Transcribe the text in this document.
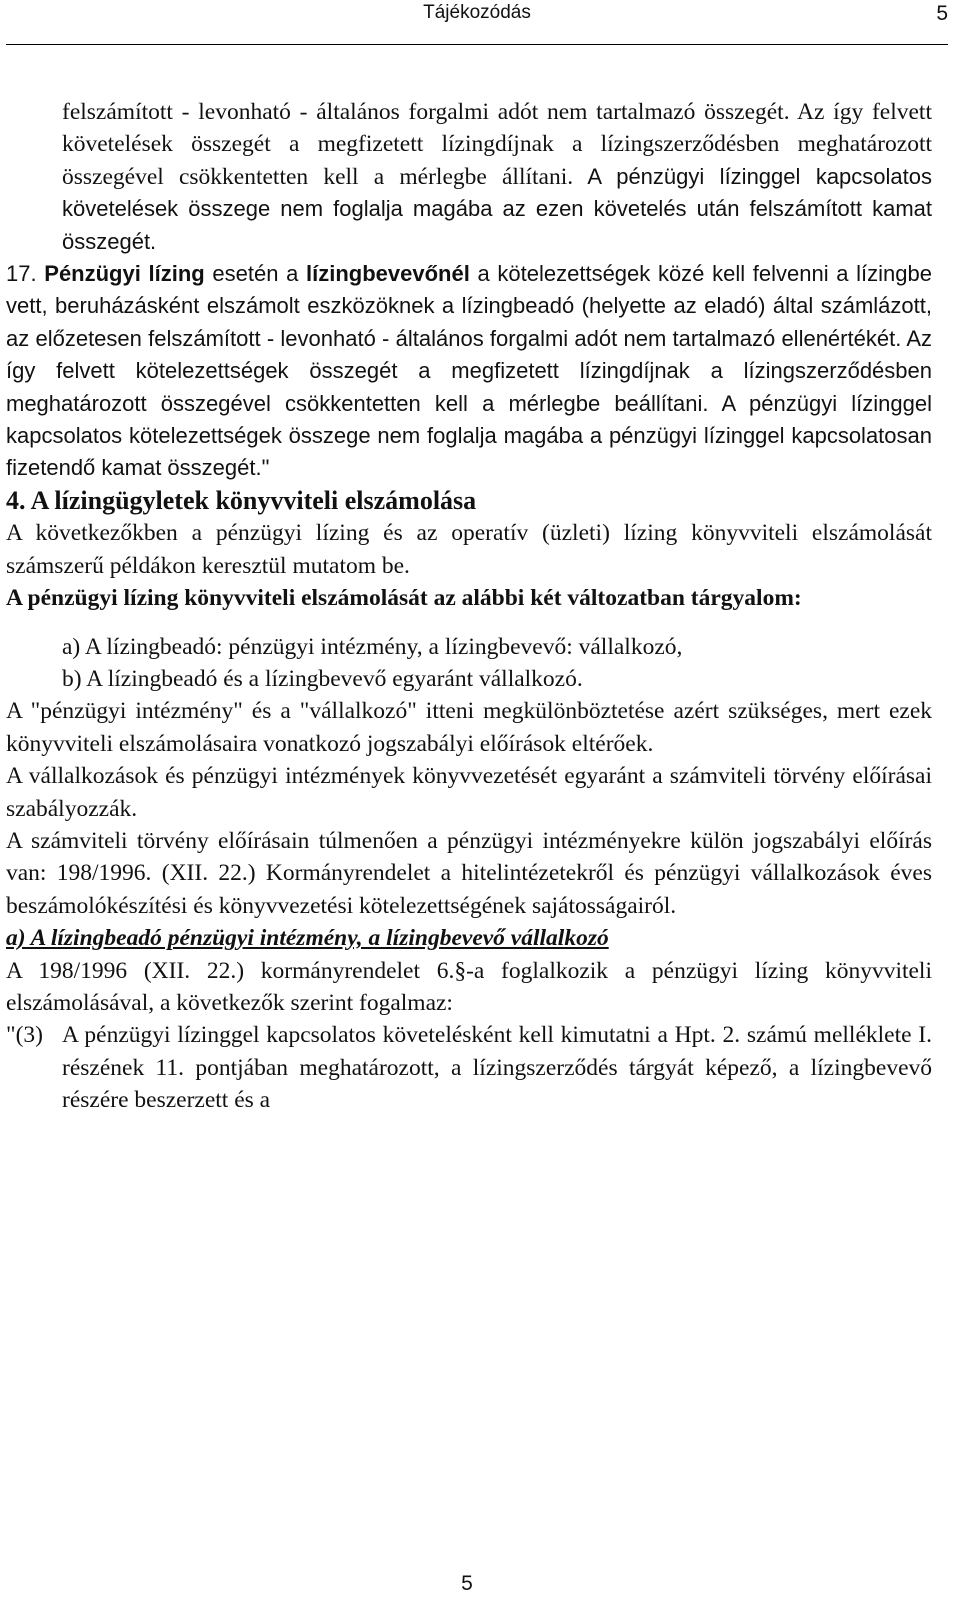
Tájékozódás	5

felszámított - levonható - általános forgalmi adót nem tartalmazó összegét. Az így felvett követelések összegét a megfizetett lízingdíjnak a lízingszerződésben meghatározott összegével csökkentetten kell a mérlegbe állítani. A pénzügyi lízinggel kapcsolatos követelések összege nem foglalja magába az ezen követelés után felszámított kamat összegét.

17. Pénzügyi lízing esetén a lízingbevevőnél a kötelezettségek közé kell felvenni a lízingbe vett, beruházásként elszámolt eszközöknek a lízingbeadó (helyette az eladó) által számlázott, az előzetesen felszámított - levonható - általános forgalmi adót nem tartalmazó ellenértékét. Az így felvett kötelezettségek összegét a megfizetett lízingdíjnak a lízingszerződésben meghatározott összegével csökkentetten kell a mérlegbe beállítani. A pénzügyi lízinggel kapcsolatos kötelezettségek összege nem foglalja magába a pénzügyi lízinggel kapcsolatosan fizetendő kamat összegét."

4. A lízingügyletek könyvviteli elszámolása

A következőkben a pénzügyi lízing és az operatív (üzleti) lízing könyvviteli elszámolását számszerű példákon keresztül mutatom be.

A pénzügyi lízing könyvviteli elszámolását az alábbi két változatban tárgyalom:

a) A lízingbeadó: pénzügyi intézmény, a lízingbevevő: vállalkozó,

b) A lízingbeadó és a lízingbevevő egyaránt vállalkozó.

A "pénzügyi intézmény" és a "vállalkozó" itteni megkülönböztetése azért szükséges, mert ezek könyvviteli elszámolásaira vonatkozó jogszabályi előírások eltérőek.

A vállalkozások és pénzügyi intézmények könyvvezetését egyaránt a számviteli törvény előírásai szabályozzák.

A számviteli törvény előírásain túlmenően a pénzügyi intézményekre külön jogszabályi előírás van: 198/1996. (XII. 22.) Kormányrendelet a hitelintézetekről és pénzügyi vállalkozások éves beszámolókészítési és könyvvezetési kötelezettségének sajátosságairól.

a) A lízingbeadó pénzügyi intézmény, a lízingbevevő vállalkozó

A 198/1996 (XII. 22.) kormányrendelet 6.§-a foglalkozik a pénzügyi lízing könyvviteli elszámolásával, a következők szerint fogalmaz:

"(3) A pénzügyi lízinggel kapcsolatos követelésként kell kimutatni a Hpt. 2. számú melléklete I. részének 11. pontjában meghatározott, a lízingszerződés tárgyát képező, a lízingbevevő részére beszerzett és a
5
